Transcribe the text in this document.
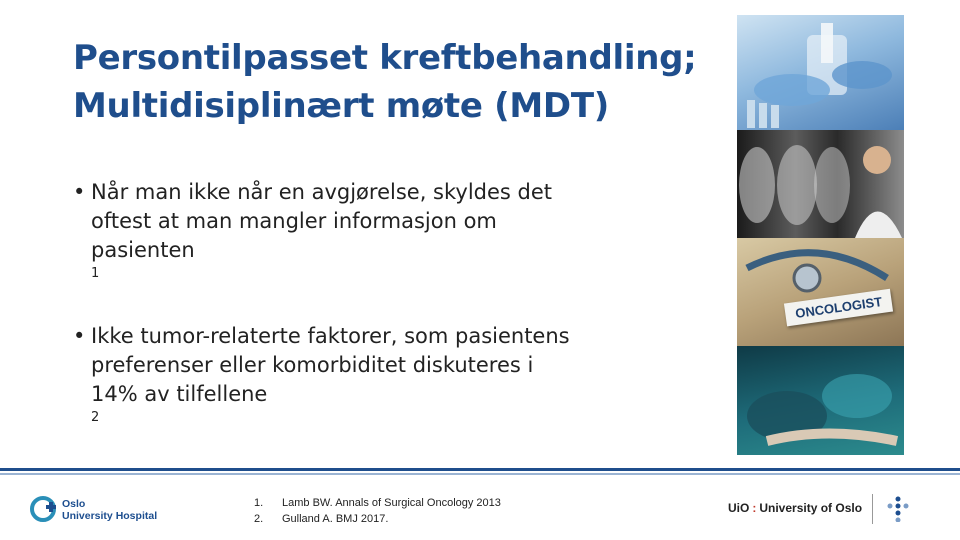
Persontilpasset kreftbehandling;
Multidisiplinært møte (MDT)
• Når man ikke når en avgjørelse, skyldes det
oftest at man mangler informasjon om
pasienten
$^1$
• Ikke tumor-relaterte faktorer, som pasientens
preferenser eller komorbiditet diskuteres i
14% av tilfellene
$^2$
ONCOLOGIST
Oslo
University Hospital
1.	Lamb BW. Annals of Surgical Oncology 2013
2.	Gulland A. BMJ 2017.
UiO : University of Oslo
